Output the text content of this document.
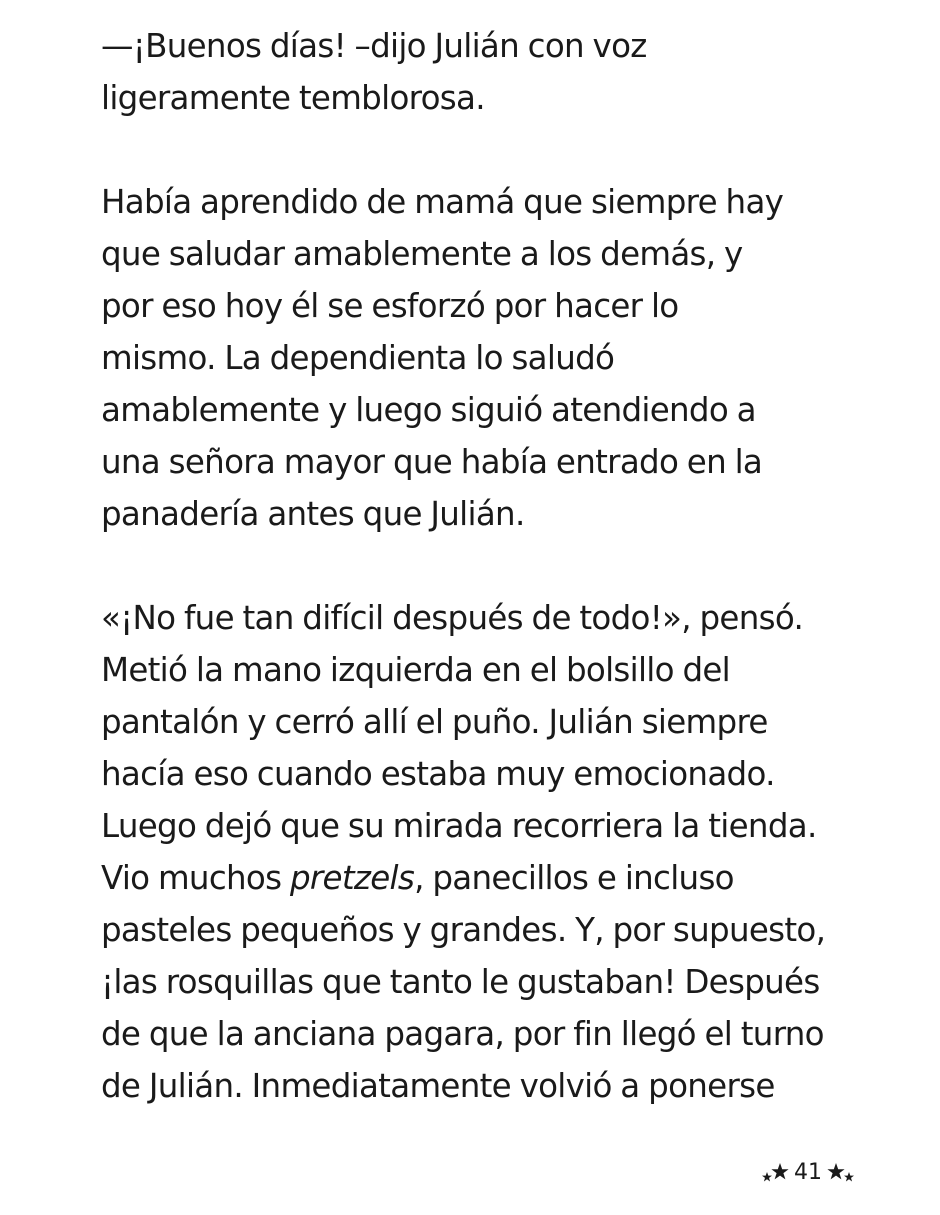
—¡Buenos días! –dijo Julián con voz
ligeramente temblorosa.

Había aprendido de mamá que siempre hay
que saludar amablemente a los demás, y
por eso hoy él se esforzó por hacer lo
mismo. La dependienta lo saludó
amablemente y luego siguió atendiendo a
una señora mayor que había entrado en la
panadería antes que Julián.

«¡No fue tan difícil después de todo!», pensó.
Metió la mano izquierda en el bolsillo del
pantalón y cerró allí el puño. Julián siempre
hacía eso cuando estaba muy emocionado.
Luego dejó que su mirada recorriera la tienda.
Vio muchos pretzels, panecillos e incluso
pasteles pequeños y grandes. Y, por supuesto,
¡las rosquillas que tanto le gustaban! Después
de que la anciana pagara, por fin llegó el turno
de Julián. Inmediatamente volvió a ponerse

41
